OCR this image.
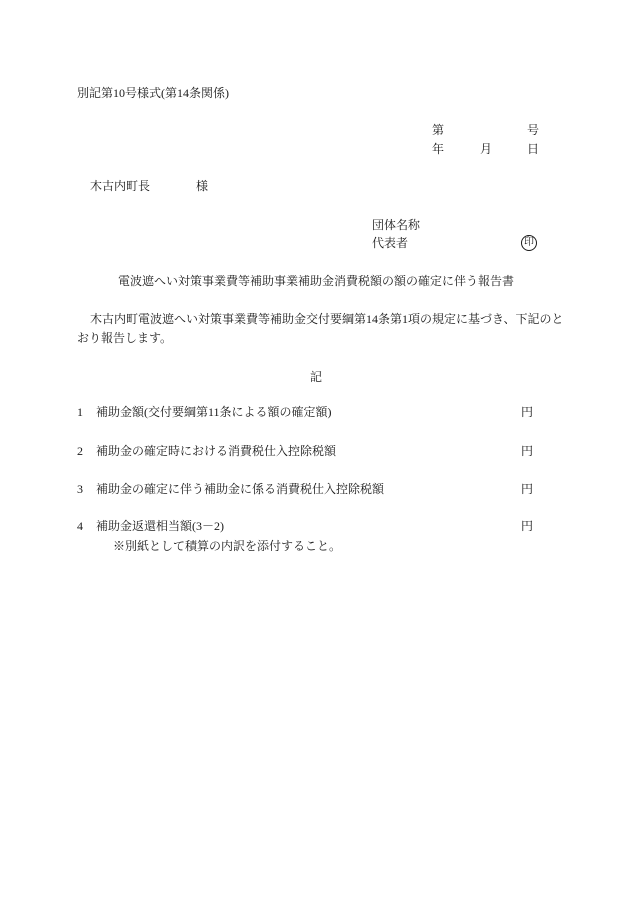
別記第10号様式(第14条関係)
第	号
年	月	日
木古内町長	様
団体名称
代表者	印
電波遮へい対策事業費等補助事業補助金消費税額の額の確定に伴う報告書
木古内町電波遮へい対策事業費等補助金交付要綱第14条第1項の規定に基づき、下記のと
おり報告します。
記
1 補助金額(交付要綱第11条による額の確定額)	円
2 補助金の確定時における消費税仕入控除税額	円
3 補助金の確定に伴う補助金に係る消費税仕入控除税額	円
4 補助金返還相当額(3－2)	円
※別紙として積算の内訳を添付すること。
